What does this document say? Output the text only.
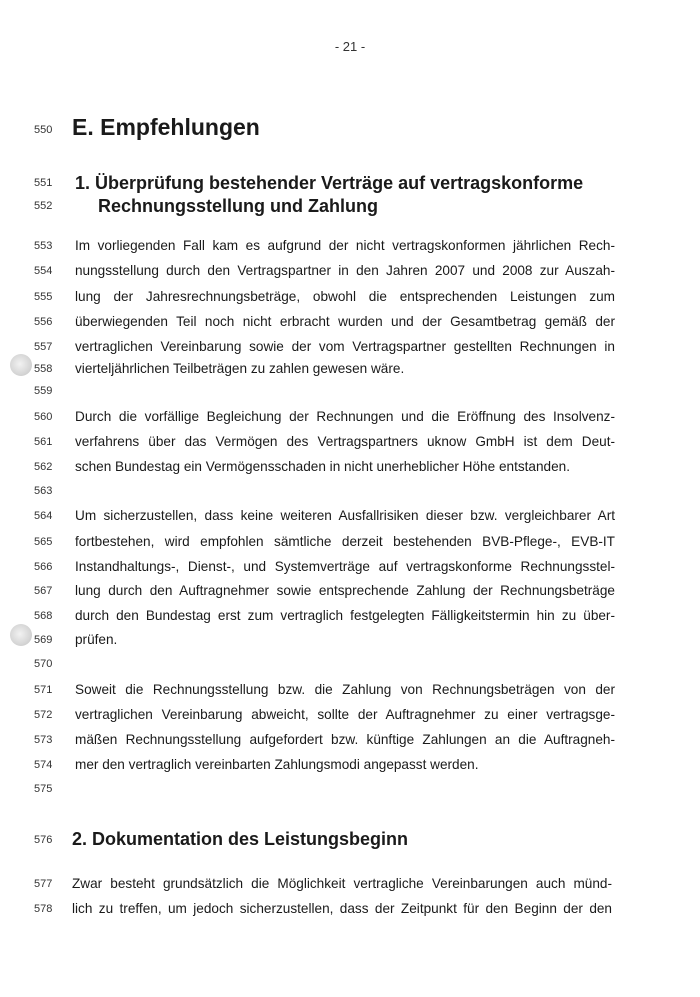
- 21 -
550
551
552
553
554
555
556
557
558
559
560
561
562
563
564
565
566
567
568
569
570
571
572
573
574
575
576
577
578
E. Empfehlungen
1. Überprüfung bestehender Verträge auf vertragskonforme
Rechnungsstellung und Zahlung
2. Dokumentation des Leistungsbeginn
Im vorliegenden Fall kam es aufgrund der nicht vertragskonformen jährlichen Rech-
nungsstellung durch den Vertragspartner in den Jahren 2007 und 2008 zur Auszah-
lung der Jahresrechnungsbeträge, obwohl die entsprechenden Leistungen zum
überwiegenden Teil noch nicht erbracht wurden und der Gesamtbetrag gemäß der
vertraglichen Vereinbarung sowie der vom Vertragspartner gestellten Rechnungen in
vierteljährlichen Teilbeträgen zu zahlen gewesen wäre.
Durch die vorfällige Begleichung der Rechnungen und die Eröffnung des Insolvenz-
verfahrens über das Vermögen des Vertragspartners uknow GmbH ist dem Deut-
schen Bundestag ein Vermögensschaden in nicht unerheblicher Höhe entstanden.
Um sicherzustellen, dass keine weiteren Ausfallrisiken dieser bzw. vergleichbarer Art
fortbestehen, wird empfohlen sämtliche derzeit bestehenden BVB-Pflege-, EVB-IT
Instandhaltungs-, Dienst-, und Systemverträge auf vertragskonforme Rechnungsstel-
lung durch den Auftragnehmer sowie entsprechende Zahlung der Rechnungsbeträge
durch den Bundestag erst zum vertraglich festgelegten Fälligkeitstermin hin zu über-
prüfen.
Soweit die Rechnungsstellung bzw. die Zahlung von Rechnungsbeträgen von der
vertraglichen Vereinbarung abweicht, sollte der Auftragnehmer zu einer vertragsge-
mäßen Rechnungsstellung aufgefordert bzw. künftige Zahlungen an die Auftragneh-
mer den vertraglich vereinbarten Zahlungsmodi angepasst werden.
Zwar besteht grundsätzlich die Möglichkeit vertragliche Vereinbarungen auch münd-
lich zu treffen, um jedoch sicherzustellen, dass der Zeitpunkt für den Beginn der den
